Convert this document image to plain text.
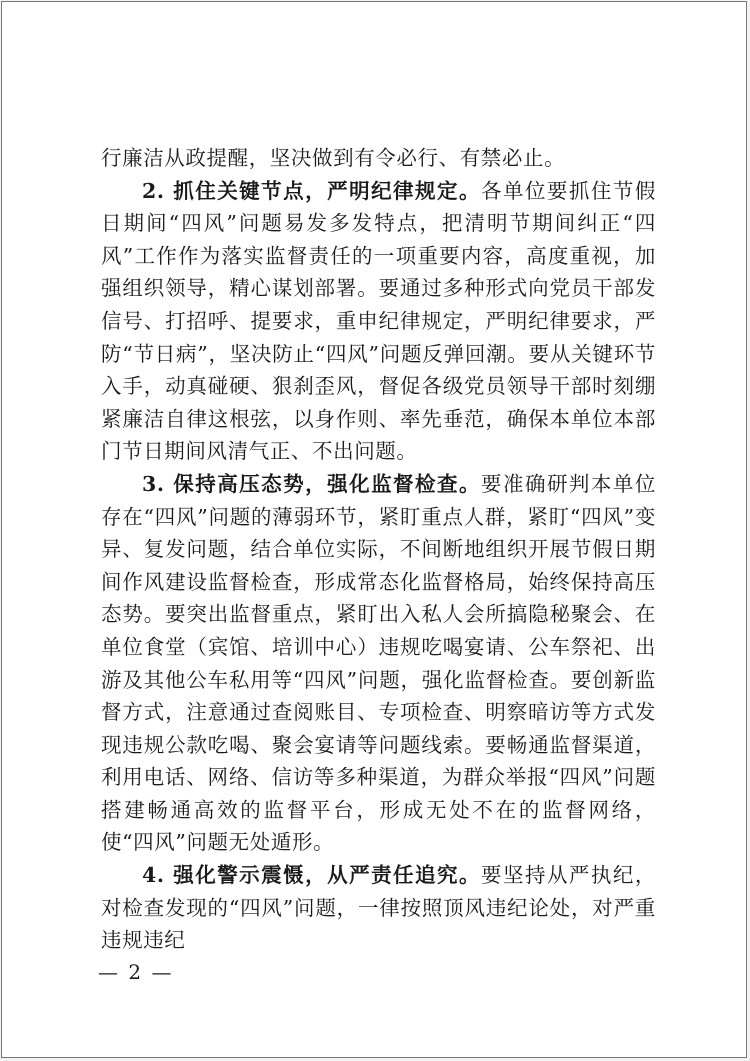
行廉洁从政提醒，坚决做到有令必行、有禁必止。

2. 抓住关键节点，严明纪律规定。各单位要抓住节假日期间“四风”问题易发多发特点，把清明节期间纠正“四风”工作作为落实监督责任的一项重要内容，高度重视，加强组织领导，精心谋划部署。要通过多种形式向党员干部发信号、打招呼、提要求，重申纪律规定，严明纪律要求，严防“节日病”，坚决防止“四风”问题反弹回潮。要从关键环节入手，动真碰硬、狠刹歪风，督促各级党员领导干部时刻绷紧廉洁自律这根弦，以身作则、率先垂范，确保本单位本部门节日期间风清气正、不出问题。

3. 保持高压态势，强化监督检查。要准确研判本单位存在“四风”问题的薄弱环节，紧盯重点人群，紧盯“四风”变异、复发问题，结合单位实际，不间断地组织开展节假日期间作风建设监督检查，形成常态化监督格局，始终保持高压态势。要突出监督重点，紧盯出入私人会所搞隐秘聚会、在单位食堂（宾馆、培训中心）违规吃喝宴请、公车祭祀、出游及其他公车私用等“四风”问题，强化监督检查。要创新监督方式，注意通过查阅账目、专项检查、明察暗访等方式发现违规公款吃喝、聚会宴请等问题线索。要畅通监督渠道，利用电话、网络、信访等多种渠道，为群众举报“四风”问题搭建畅通高效的监督平台，形成无处不在的监督网络，使“四风”问题无处遁形。

4. 强化警示震慑，从严责任追究。要坚持从严执纪，对检查发现的“四风”问题，一律按照顶风违纪论处，对严重违规违纪

— 2 —
